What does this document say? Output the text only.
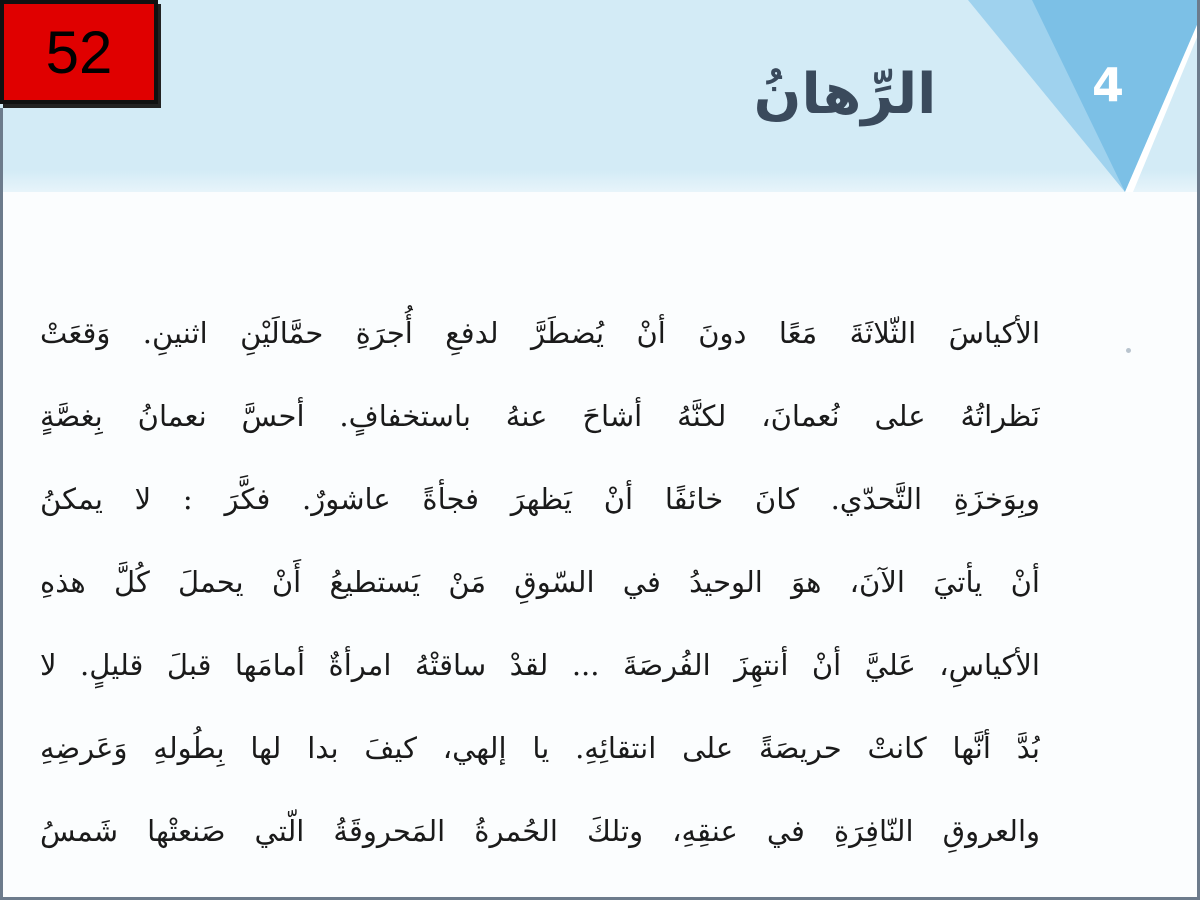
4
الرِّهانُ
52
الأكياسَ الثّلاثَةَ مَعًا دونَ أنْ يُضطَرَّ لدفعِ أُجرَةِ حمَّالَيْنِ اثنينِ. وَقعَتْ
نَظراتُهُ على نُعمانَ، لكنَّهُ أشاحَ عنهُ باستخفافٍ. أحسَّ نعمانُ بِغصَّةٍ
وبِوَخزَةِ التَّحدّي. كانَ خائفًا أنْ يَظهرَ فجأةً عاشورٌ. فكَّرَ : لا يمكنُ
أنْ يأتيَ الآنَ، هوَ الوحيدُ في السّوقِ مَنْ يَستطيعُ أَنْ يحملَ كُلَّ هذهِ
الأكياسِ، عَليَّ أنْ أنتهِزَ الفُرصَةَ ... لقدْ ساقتْهُ امرأةٌ أمامَها قبلَ قليلٍ. لا
بُدَّ أنَّها كانتْ حريصَةً على انتقائِهِ. يا إلهي، كيفَ بدا لها بِطُولهِ وَعَرضِهِ
والعروقِ النّافِرَةِ في عنقِهِ، وتلكَ الحُمرةُ المَحروقَةُ الّتي صَنعتْها شَمسُ
